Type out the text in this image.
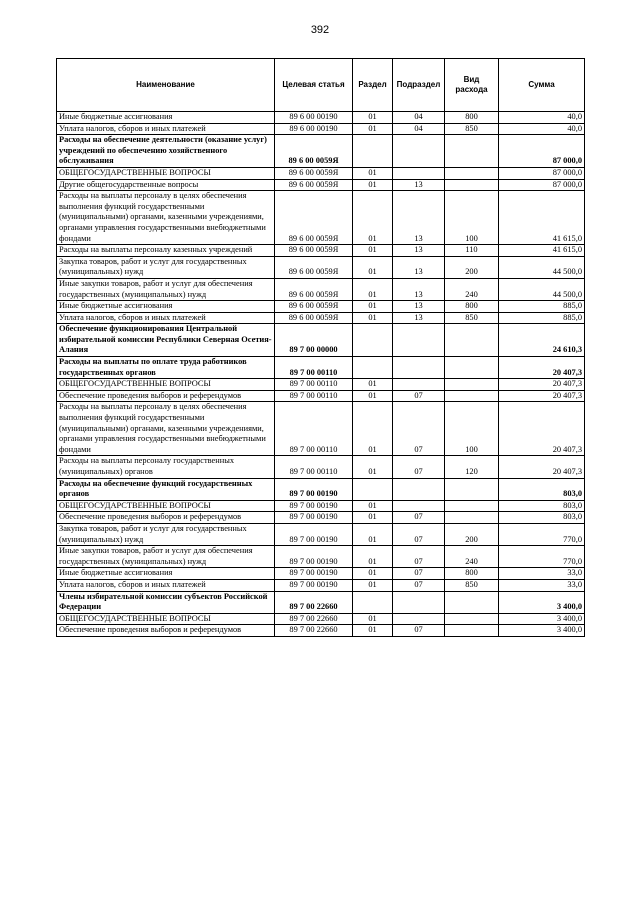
392
Наименование	Целевая статья	Раздел	Подраздел	Вид расхода	Сумма
Иные бюджетные ассигнования	89 6 00 00190	01	04	800	40,0
Уплата налогов, сборов и иных платежей	89 6 00 00190	01	04	850	40,0
Расходы на обеспечение деятельности (оказание услуг) учреждений по обеспечению хозяйственного обслуживания	89 6 00 0059Я				87 000,0
ОБЩЕГОСУДАРСТВЕННЫЕ ВОПРОСЫ	89 6 00 0059Я	01			87 000,0
Другие общегосударственные вопросы	89 6 00 0059Я	01	13		87 000,0
Расходы на выплаты персоналу в целях обеспечения выполнения функций государственными (муниципальными) органами, казенными учреждениями, органами управления государственными внебюджетными фондами	89 6 00 0059Я	01	13	100	41 615,0
Расходы на выплаты персоналу казенных учреждений	89 6 00 0059Я	01	13	110	41 615,0
Закупка товаров, работ и услуг для государственных (муниципальных) нужд	89 6 00 0059Я	01	13	200	44 500,0
Иные закупки товаров, работ и услуг для обеспечения государственных (муниципальных) нужд	89 6 00 0059Я	01	13	240	44 500,0
Иные бюджетные ассигнования	89 6 00 0059Я	01	13	800	885,0
Уплата налогов, сборов и иных платежей	89 6 00 0059Я	01	13	850	885,0
Обеспечение функционирования Центральной избирательной комиссии Республики Северная Осетия-Алания	89 7 00 00000				24 610,3
Расходы на выплаты по оплате труда работников государственных органов	89 7 00 00110				20 407,3
ОБЩЕГОСУДАРСТВЕННЫЕ ВОПРОСЫ	89 7 00 00110	01			20 407,3
Обеспечение проведения выборов и референдумов	89 7 00 00110	01	07		20 407,3
Расходы на выплаты персоналу в целях обеспечения выполнения функций государственными (муниципальными) органами, казенными учреждениями, органами управления государственными внебюджетными фондами	89 7 00 00110	01	07	100	20 407,3
Расходы на выплаты персоналу государственных (муниципальных) органов	89 7 00 00110	01	07	120	20 407,3
Расходы на обеспечение функций государственных органов	89 7 00 00190				803,0
ОБЩЕГОСУДАРСТВЕННЫЕ ВОПРОСЫ	89 7 00 00190	01			803,0
Обеспечение проведения выборов и референдумов	89 7 00 00190	01	07		803,0
Закупка товаров, работ и услуг для государственных (муниципальных) нужд	89 7 00 00190	01	07	200	770,0
Иные закупки товаров, работ и услуг для обеспечения государственных (муниципальных) нужд	89 7 00 00190	01	07	240	770,0
Иные бюджетные ассигнования	89 7 00 00190	01	07	800	33,0
Уплата налогов, сборов и иных платежей	89 7 00 00190	01	07	850	33,0
Члены избирательной комиссии субъектов Российской Федерации	89 7 00 22660				3 400,0
ОБЩЕГОСУДАРСТВЕННЫЕ ВОПРОСЫ	89 7 00 22660	01			3 400,0
Обеспечение проведения выборов и референдумов	89 7 00 22660	01	07		3 400,0
